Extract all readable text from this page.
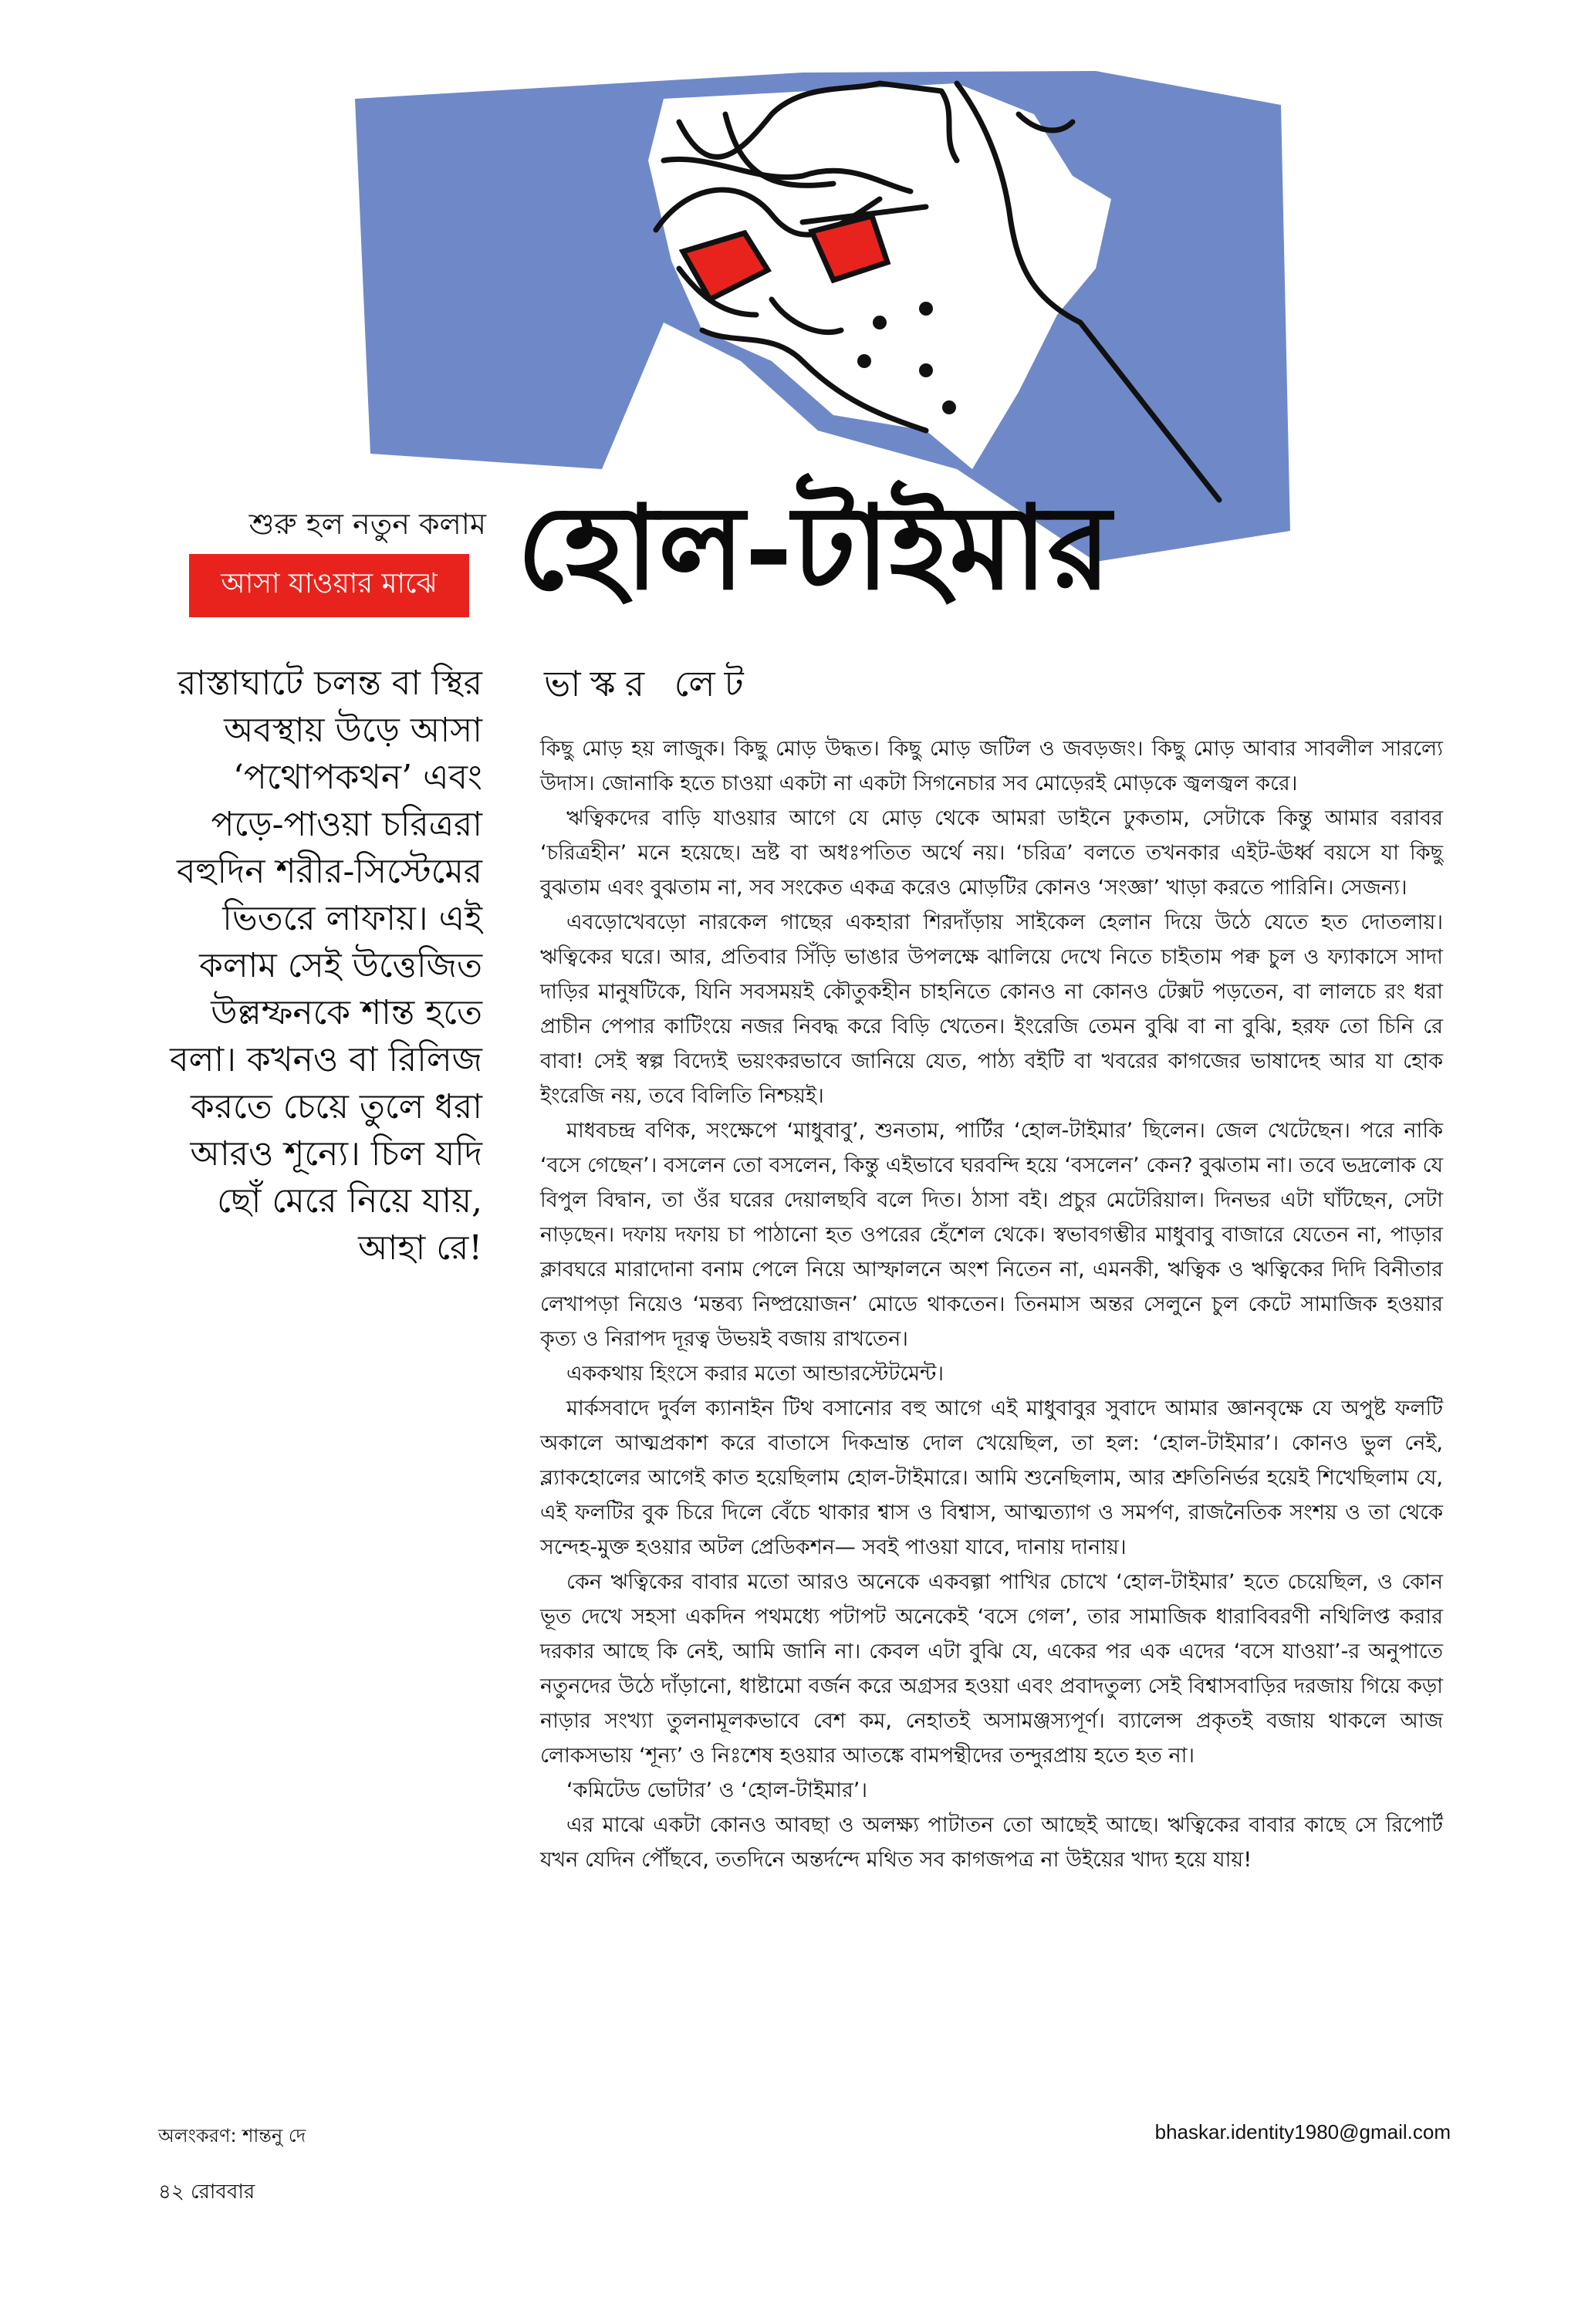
শুরু হল নতুন কলাম
আসা যাওয়ার মাঝে হোল-টাইমার
ভাস্কর লেট

রাস্তাঘাটে চলন্ত বা স্থির অবস্থায় উড়ে আসা ‘পথোপকথন’ এবং পড়ে-পাওয়া চরিত্ররা বহুদিন শরীর-সিস্টেমের ভিতরে লাফায়। এই কলাম সেই উত্তেজিত উল্লম্ফনকে শান্ত হতে বলা। কখনও বা রিলিজ করতে চেয়ে তুলে ধরা আরও শূন্যে। চিল যদি ছোঁ মেরে নিয়ে যায়, আহা রে!

কিছু মোড় হয় লাজুক। কিছু মোড় উদ্ধত। কিছু মোড় জটিল ও জবড়জং। কিছু মোড় আবার সাবলীল সারল্যে উদাস। জোনাকি হতে চাওয়া একটা না একটা সিগনেচার সব মোড়েরই মোড়কে জ্বলজ্বল করে।

ঋত্বিকদের বাড়ি যাওয়ার আগে যে মোড় থেকে আমরা ডাইনে ঢুকতাম, সেটাকে কিন্তু আমার বরাবর ‘চরিত্রহীন’ মনে হয়েছে। ভ্রষ্ট বা অধঃপতিত অর্থে নয়। ‘চরিত্র’ বলতে তখনকার এইট-ঊর্ধ্ব বয়সে যা কিছু বুঝতাম এবং বুঝতাম না, সব সংকেত একত্র করেও মোড়টির কোনও ‘সংজ্ঞা’ খাড়া করতে পারিনি। সেজন্য।

এবড়োখেবড়ো নারকেল গাছের একহারা শিরদাঁড়ায় সাইকেল হেলান দিয়ে উঠে যেতে হত দোতলায়। ঋত্বিকের ঘরে। আর, প্রতিবার সিঁড়ি ভাঙার উপলক্ষে ঝালিয়ে দেখে নিতে চাইতাম পক্ব চুল ও ফ্যাকাসে সাদা দাড়ির মানুষটিকে, যিনি সবসময়ই কৌতুকহীন চাহনিতে কোনও না কোনও টেক্সট পড়তেন, বা লালচে রং ধরা প্রাচীন পেপার কাটিংয়ে নজর নিবদ্ধ করে বিড়ি খেতেন। ইংরেজি তেমন বুঝি বা না বুঝি, হরফ তো চিনি রে বাবা! সেই স্বল্প বিদ্যেই ভয়ংকরভাবে জানিয়ে যেত, পাঠ্য বইটি বা খবরের কাগজের ভাষাদেহ আর যা হোক ইংরেজি নয়, তবে বিলিতি নিশ্চয়ই।

মাধবচন্দ্র বণিক, সংক্ষেপে ‘মাধুবাবু’, শুনতাম, পার্টির ‘হোল-টাইমার’ ছিলেন। জেল খেটেছেন। পরে নাকি ‘বসে গেছেন’। বসলেন তো বসলেন, কিন্তু এইভাবে ঘরবন্দি হয়ে ‘বসলেন’ কেন? বুঝতাম না। তবে ভদ্রলোক যে বিপুল বিদ্বান, তা ওঁর ঘরের দেয়ালছবি বলে দিত। ঠাসা বই। প্রচুর মেটেরিয়াল। দিনভর এটা ঘাঁটছেন, সেটা নাড়ছেন। দফায় দফায় চা পাঠানো হত ওপরের হেঁশেল থেকে। স্বভাবগম্ভীর মাধুবাবু বাজারে যেতেন না, পাড়ার ক্লাবঘরে মারাদোনা বনাম পেলে নিয়ে আস্ফালনে অংশ নিতেন না, এমনকী, ঋত্বিক ও ঋত্বিকের দিদি বিনীতার লেখাপড়া নিয়েও ‘মন্তব্য নিষ্প্রয়োজন’ মোডে থাকতেন। তিনমাস অন্তর সেলুনে চুল কেটে সামাজিক হওয়ার কৃত্য ও নিরাপদ দূরত্ব উভয়ই বজায় রাখতেন।

এককথায় হিংসে করার মতো আন্ডারস্টেটমেন্ট।

মার্কসবাদে দুর্বল ক্যানাইন টিথ বসানোর বহু আগে এই মাধুবাবুর সুবাদে আমার জ্ঞানবৃক্ষে যে অপুষ্ট ফলটি অকালে আত্মপ্রকাশ করে বাতাসে দিকভ্রান্ত দোল খেয়েছিল, তা হল: ‘হোল-টাইমার’। কোনও ভুল নেই, ব্ল্যাকহোলের আগেই কাত হয়েছিলাম হোল-টাইমারে। আমি শুনেছিলাম, আর শ্রুতিনির্ভর হয়েই শিখেছিলাম যে, এই ফলটির বুক চিরে দিলে বেঁচে থাকার শ্বাস ও বিশ্বাস, আত্মত্যাগ ও সমর্পণ, রাজনৈতিক সংশয় ও তা থেকে সন্দেহ-মুক্ত হওয়ার অটল প্রেডিকশন— সবই পাওয়া যাবে, দানায় দানায়।

কেন ঋত্বিকের বাবার মতো আরও অনেকে একবল্গা পাখির চোখে ‘হোল-টাইমার’ হতে চেয়েছিল, ও কোন ভূত দেখে সহসা একদিন পথমধ্যে পটাপট অনেকেই ‘বসে গেল’, তার সামাজিক ধারাবিবরণী নথিলিপ্ত করার দরকার আছে কি নেই, আমি জানি না। কেবল এটা বুঝি যে, একের পর এক এদের ‘বসে যাওয়া’-র অনুপাতে নতুনদের উঠে দাঁড়ানো, ধাষ্টামো বর্জন করে অগ্রসর হওয়া এবং প্রবাদতুল্য সেই বিশ্বাসবাড়ির দরজায় গিয়ে কড়া নাড়ার সংখ্যা তুলনামূলকভাবে বেশ কম, নেহাতই অসামঞ্জস্যপূর্ণ। ব্যালেন্স প্রকৃতই বজায় থাকলে আজ লোকসভায় ‘শূন্য’ ও নিঃশেষ হওয়ার আতঙ্কে বামপন্থীদের তন্দুরপ্রায় হতে হত না।

‘কমিটেড ভোটার’ ও ‘হোল-টাইমার’।

এর মাঝে একটা কোনও আবছা ও অলক্ষ্য পাটাতন তো আছেই আছে। ঋত্বিকের বাবার কাছে সে রিপোর্ট যখন যেদিন পৌঁছবে, ততদিনে অন্তর্দন্দে মথিত সব কাগজপত্র না উইয়ের খাদ্য হয়ে যায়!

অলংকরণ: শান্তনু দে	bhaskar.identity1980@gmail.com
৪২ রোববার
